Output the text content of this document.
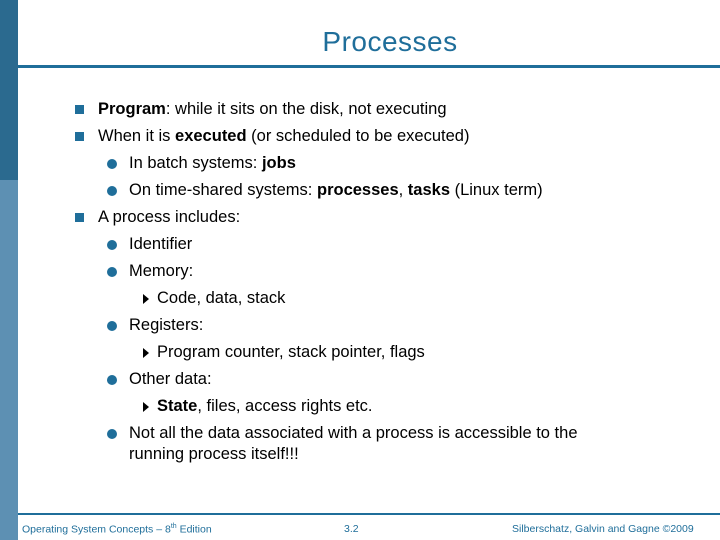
Processes
Program: while it sits on the disk, not executing
When it is executed (or scheduled to be executed)
In batch systems: jobs
On time-shared systems: processes, tasks (Linux term)
A process includes:
Identifier
Memory:
Code, data, stack
Registers:
Program counter, stack pointer, flags
Other data:
State, files, access rights etc.
Not all the data associated with a process is accessible to the
running process itself!!!
Operating System Concepts – 8th Edition	3.2	Silberschatz, Galvin and Gagne ©2009
